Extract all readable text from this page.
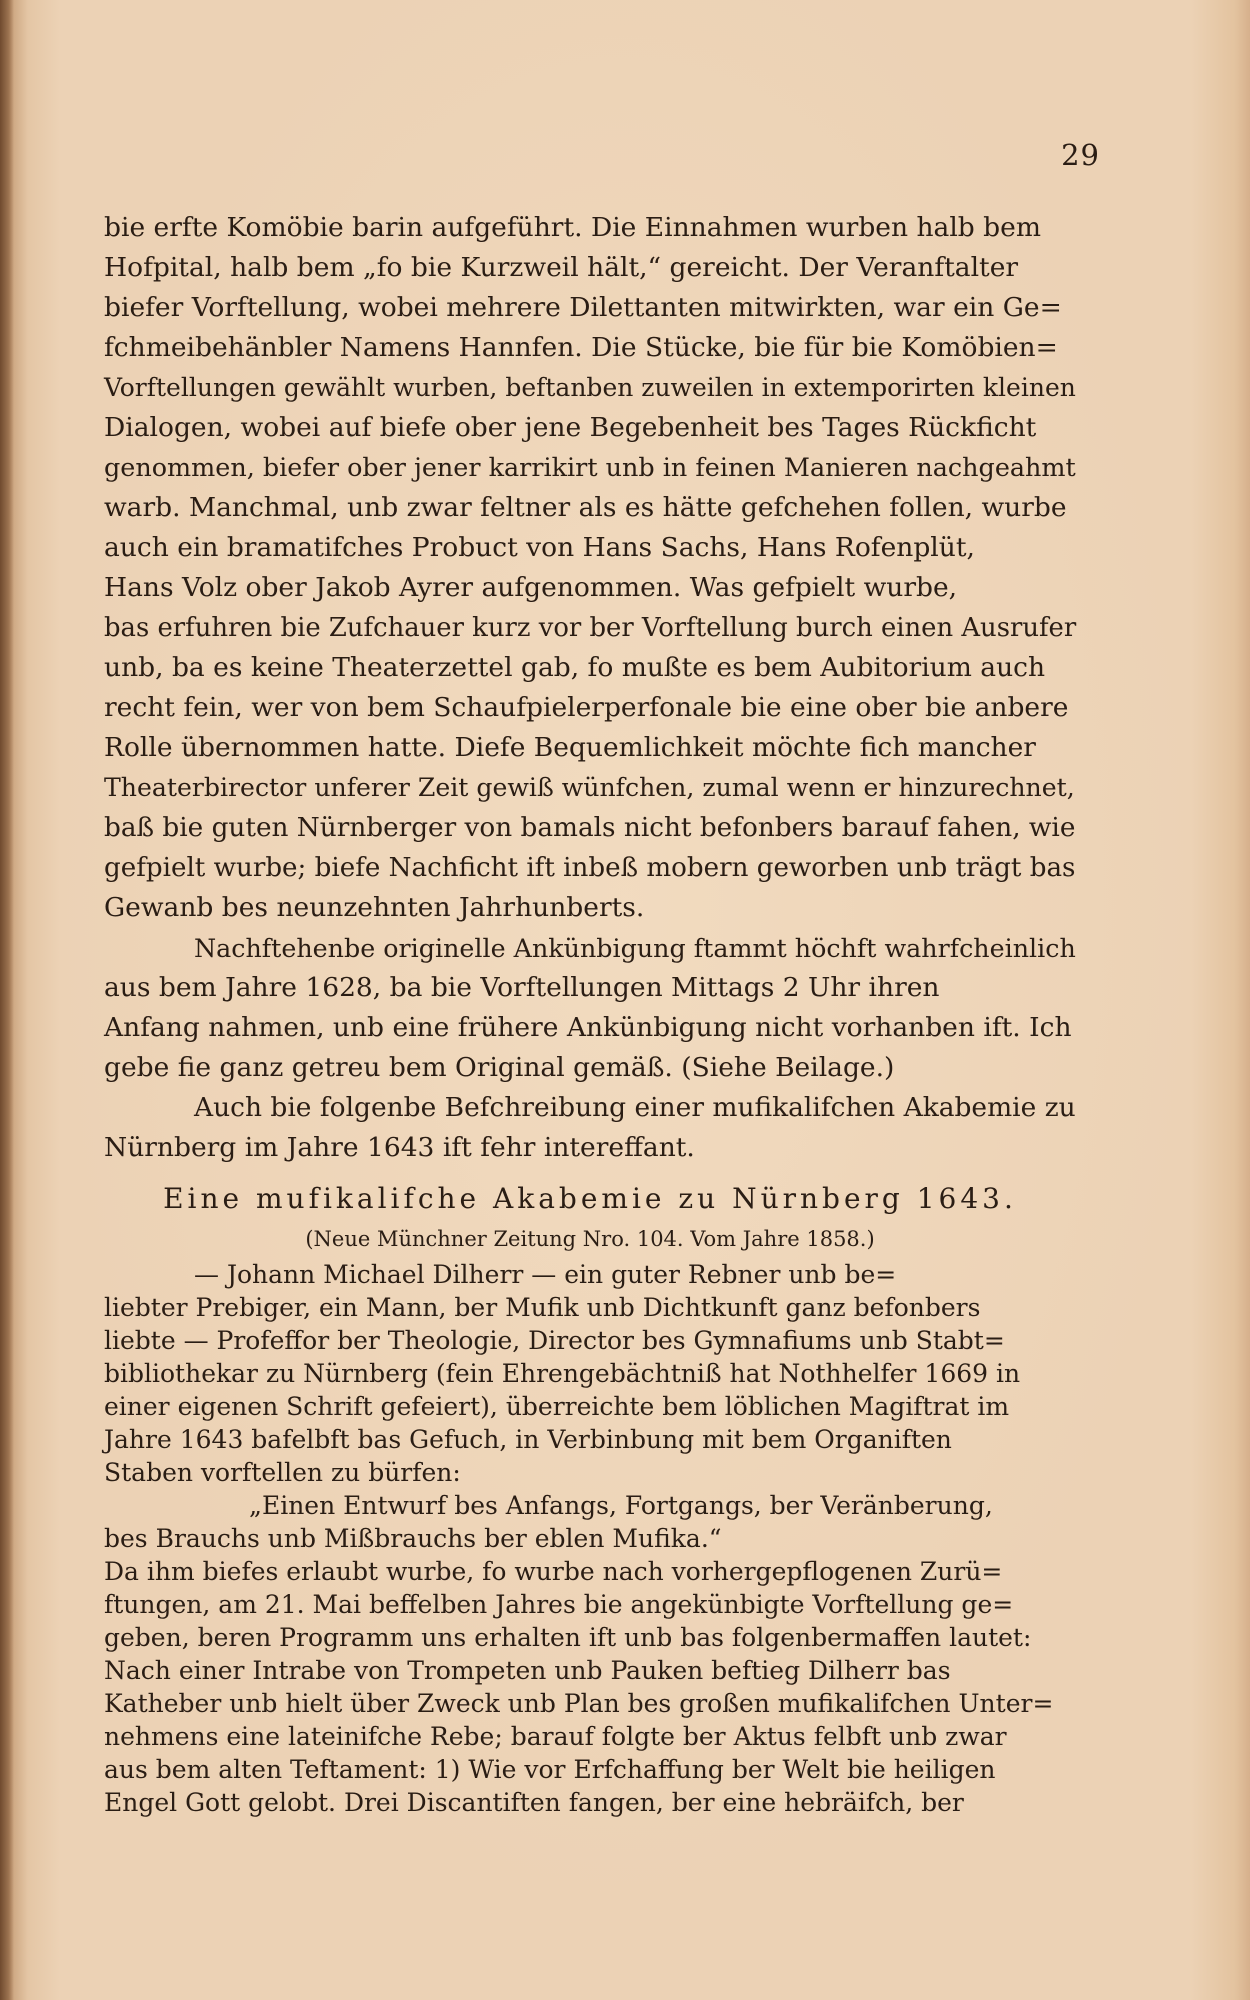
29
bie erfte Komöbie barin aufgeführt. Die Einnahmen wurben halb bem
Hofpital, halb bem „fo bie Kurzweil hält,“ gereicht. Der Veranftalter
biefer Vorftellung, wobei mehrere Dilettanten mitwirkten, war ein Ge=
fchmeibehänbler Namens Hannfen. Die Stücke, bie für bie Komöbien=
Vorftellungen gewählt wurben, beftanben zuweilen in extemporirten kleinen
Dialogen, wobei auf biefe ober jene Begebenheit bes Tages Rückficht
genommen, biefer ober jener karrikirt unb in feinen Manieren nachgeahmt
warb. Manchmal, unb zwar feltner als es hätte gefchehen follen, wurbe
auch ein bramatifches Probuct von Hans Sachs, Hans Rofenplüt,
Hans Volz ober Jakob Ayrer aufgenommen. Was gefpielt wurbe,
bas erfuhren bie Zufchauer kurz vor ber Vorftellung burch einen Ausrufer
unb, ba es keine Theaterzettel gab, fo mußte es bem Aubitorium auch
recht fein, wer von bem Schaufpielerperfonale bie eine ober bie anbere
Rolle übernommen hatte. Diefe Bequemlichkeit möchte fich mancher
Theaterbirector unferer Zeit gewiß wünfchen, zumal wenn er hinzurechnet,
baß bie guten Nürnberger von bamals nicht befonbers barauf fahen, wie
gefpielt wurbe; biefe Nachficht ift inbeß mobern geworben unb trägt bas
Gewanb bes neunzehnten Jahrhunberts.
Nachftehenbe originelle Ankünbigung ftammt höchft wahrfcheinlich
aus bem Jahre 1628, ba bie Vorftellungen Mittags 2 Uhr ihren
Anfang nahmen, unb eine frühere Ankünbigung nicht vorhanben ift. Ich
gebe fie ganz getreu bem Original gemäß. (Siehe Beilage.)
Auch bie folgenbe Befchreibung einer mufikalifchen Akabemie zu
Nürnberg im Jahre 1643 ift fehr intereffant.
Eine mufikalifche Akabemie zu Nürnberg 1643.
(Neue Münchner Zeitung Nro. 104. Vom Jahre 1858.)
— Johann Michael Dilherr — ein guter Rebner unb be=
liebter Prebiger, ein Mann, ber Mufik unb Dichtkunft ganz befonbers
liebte — Profeffor ber Theologie, Director bes Gymnafiums unb Stabt=
bibliothekar zu Nürnberg (fein Ehrengebächtniß hat Nothhelfer 1669 in
einer eigenen Schrift gefeiert), überreichte bem löblichen Magiftrat im
Jahre 1643 bafelbft bas Gefuch, in Verbinbung mit bem Organiften
Staben vorftellen zu bürfen:
„Einen Entwurf bes Anfangs, Fortgangs, ber Veränberung,
bes Brauchs unb Mißbrauchs ber eblen Mufika.“
Da ihm biefes erlaubt wurbe, fo wurbe nach vorhergepflogenen Zurü=
ftungen, am 21. Mai beffelben Jahres bie angekünbigte Vorftellung ge=
geben, beren Programm uns erhalten ift unb bas folgenbermaffen lautet:
Nach einer Intrabe von Trompeten unb Pauken beftieg Dilherr bas
Katheber unb hielt über Zweck unb Plan bes großen mufikalifchen Unter=
nehmens eine lateinifche Rebe; barauf folgte ber Aktus felbft unb zwar
aus bem alten Teftament: 1) Wie vor Erfchaffung ber Welt bie heiligen
Engel Gott gelobt. Drei Discantiften fangen, ber eine hebräifch, ber
